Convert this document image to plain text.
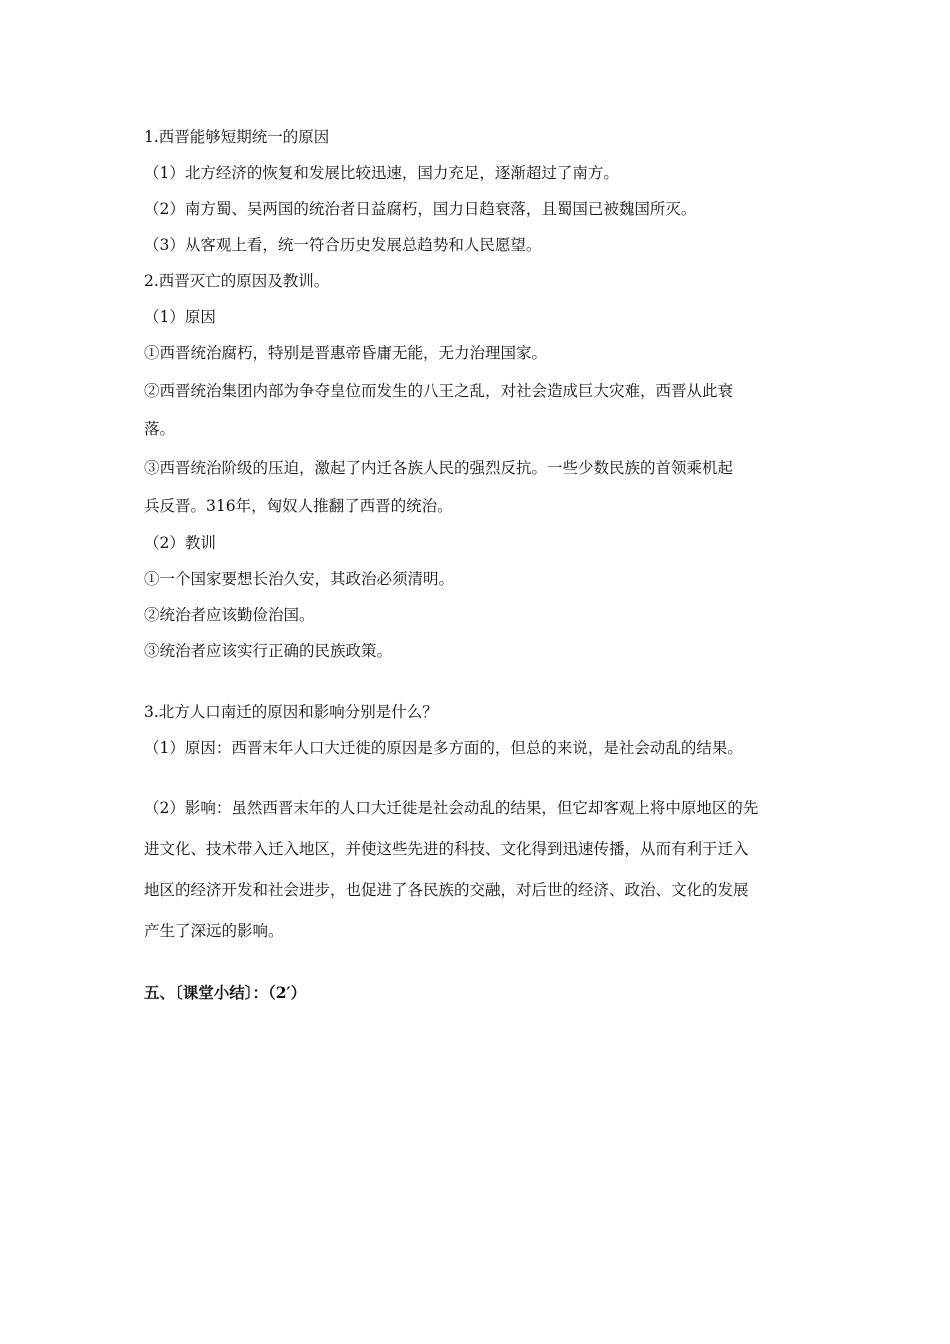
1.西晋能够短期统一的原因
（1）北方经济的恢复和发展比较迅速，国力充足，逐渐超过了南方。
（2）南方蜀、吴两国的统治者日益腐朽，国力日趋衰落，且蜀国已被魏国所灭。
（3）从客观上看，统一符合历史发展总趋势和人民愿望。
2.西晋灭亡的原因及教训。
（1）原因
①西晋统治腐朽，特别是晋惠帝昏庸无能，无力治理国家。
②西晋统治集团内部为争夺皇位而发生的八王之乱，对社会造成巨大灾难，西晋从此衰
落。
③西晋统治阶级的压迫，激起了内迁各族人民的强烈反抗。一些少数民族的首领乘机起
兵反晋。316年，匈奴人推翻了西晋的统治。
（2）教训
①一个国家要想长治久安，其政治必须清明。
②统治者应该勤俭治国。
③统治者应该实行正确的民族政策。
3.北方人口南迁的原因和影响分别是什么？
（1）原因：西晋末年人口大迁徙的原因是多方面的，但总的来说，是社会动乱的结果。
（2）影响：虽然西晋末年的人口大迁徙是社会动乱的结果，但它却客观上将中原地区的先
进文化、技术带入迁入地区，并使这些先进的科技、文化得到迅速传播，从而有利于迁入
地区的经济开发和社会进步，也促进了各民族的交融，对后世的经济、政治、文化的发展
产生了深远的影响。
五、〔课堂小结〕：（2′）
